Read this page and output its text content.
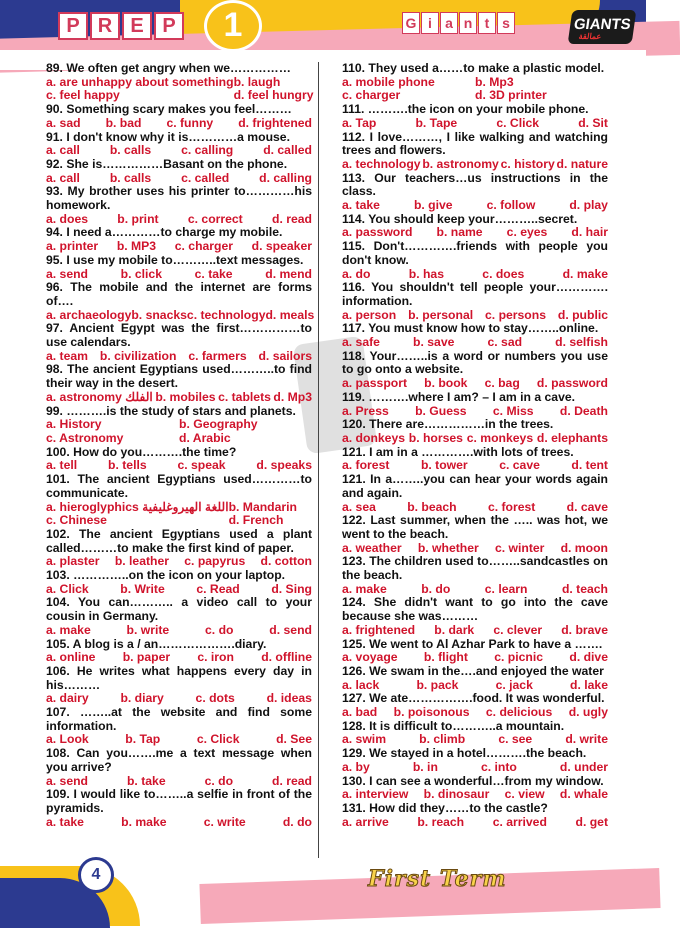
P R E P	1	G i a n t s	GIANTS
عمالقة

89. We often get angry when we……………

a. are unhappy about something b. laugh
c. feel happy	d. feel hungry

90. Something scary makes you feel………

a. sad b. bad c. funny d. frightened

91. I don't know why it is…………a mouse.

a. call b. calls c. calling d. called

92. She is……………Basant on the phone.

a. call b. calls c. called d. calling

93. My brother uses his printer to…………his homework.

a. does b. print c. correct d. read

94. I need a…………to charge my mobile.

a. printer b. MP3 c. charger d. speaker

95. I use my mobile to………..text messages.

a. send	b. click	c. take	d. mend

96. The mobile and the internet are forms of….

a. archaeology b. snacks c. technology d. meals

97. Ancient Egypt was the first……………to use calendars.

a. team b. civilization c. farmers d. sailors

98. The ancient Egyptians used………..to find their way in the desert.

a. astronomy الفلك b. mobiles c. tablets d. Mp3

99. ……….is the study of stars and planets.

a. History	b. Geography
c. Astronomy	d. Arabic

100. How do you……….the time?

a. tell	b. tells	c. speak	d. speaks

101. The ancient Egyptians used…………to communicate.

a. hieroglyphics اللغة الهيروغليفية b. Mandarin
c. Chinese	d. French

102. The ancient Egyptians used a plant called………to make the first kind of paper.

a. plaster b. leather c. papyrus d. cotton

103. …………..on the icon on your laptop.

a. Click	b. Write	c. Read	d. Sing

104. You can……….. a video call to your cousin in Germany.

a. make	b. write	c. do	d. send

105. A blog is a / an……………….diary.

a. online b. paper c. iron d. offline

106. He writes what happens every day in his………

a. dairy	b. diary	c. dots	d. ideas

107. ……..at the website and find some information.

a. Look	b. Tap	c. Click	d. See

108. Can you…….me a text message when you arrive?

a. send	b. take	c. do	d. read

109. I would like to……..a selfie in front of the pyramids.

a. take	b. make	c. write	d. do

110. They used a……to make a plastic model.

a. mobile phone	b. Mp3
c. charger	d. 3D printer

111. ……….the icon on your mobile phone.

a. Tap	b. Tape	c. Click	d. Sit

112. I love………, I like walking and watching trees and flowers.

a. technology b. astronomy c. history d. nature

113. Our teachers…us instructions in the class.

a. take	b. give	c. follow	d. play

114. You should keep your………..secret.

a. password b. name c. eyes d. hair

115. Don't………….friends with people you don't know.

a. do	b. has	c. does	d. make

116. You shouldn't tell people your…………. information.

a. person b. personal c. persons d. public

117. You must know how to stay……..online.

a. safe	b. save	c. sad	d. selfish

118. Your……..is a word or numbers you use to go onto a website.

a. passport b. book c. bag d. password

119. ……….where I am? – I am in a cave.

a. Press b. Guess c. Miss d. Death

120. There are……………in the trees.

a. donkeys b. horses c. monkeys d. elephants

121. I am in a ………….with lots of trees.

a. forest	b. tower	c. cave	d. tent

121. In a……..you can hear your words again and again.

a. sea	b. beach	c. forest	d. cave

122. Last summer, when the ….. was hot, we went to the beach.

a. weather b. whether c. winter d. moon

123. The children used to……..sandcastles on the beach.

a. make	b. do	c. learn	d. teach

124. She didn't want to go into the cave because she was………

a. frightened b. dark c. clever d. brave

125. We went to Al Azhar Park to have a …….

a. voyage b. flight c. picnic d. dive

126. We swam in the….and enjoyed the water

a. lack	b. pack	c. jack	d. lake

127. We ate…………….food. It was wonderful.

a. bad b. poisonous c. delicious d. ugly

128. It is difficult to………..a mountain.

a. swim	b. climb	c. see	d. write

129. We stayed in a hotel……….the beach.

a. by	b. in	c. into	d. under

130. I can see a wonderful…from my window.

a. interview b. dinosaur c. view d. whale

131. How did they……to the castle?

a. arrive b. reach c. arrived d. get
4	First Term
